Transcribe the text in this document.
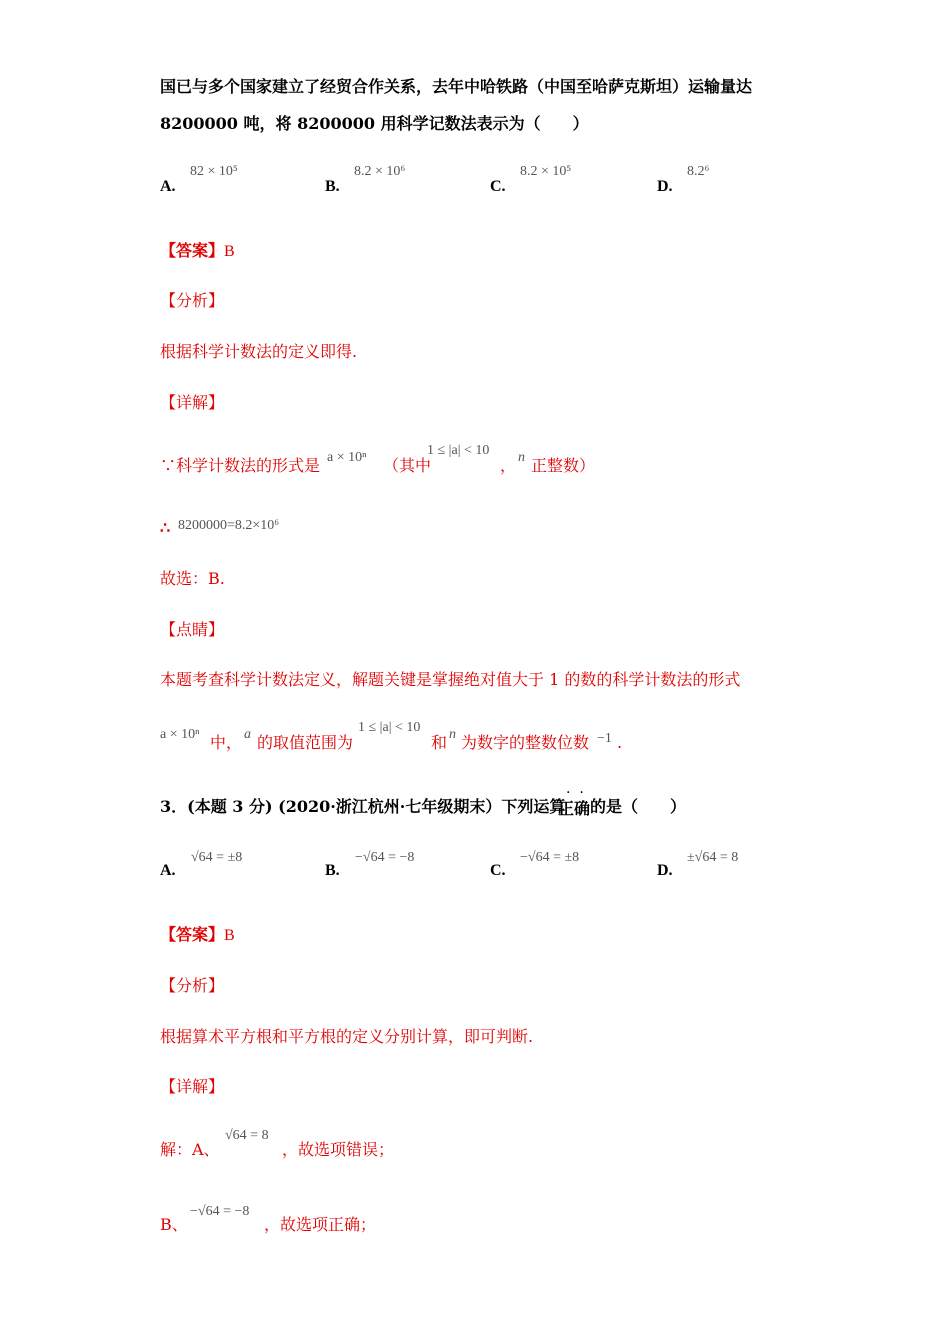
国已与多个国家建立了经贸合作关系，去年中哈铁路（中国至哈萨克斯坦）运输量达
8200000 吨，将 8200000 用科学记数法表示为（　　）
A.
82 × 10⁵
B.
8.2 × 10⁶
C.
8.2 × 10⁵
D.
8.2⁶
【答案】B
【分析】
根据科学计数法的定义即得.
【详解】
∵科学计数法的形式是 a × 10ⁿ （其中
1 ≤ |a| < 10
， n 正整数）
∴ 8200000=8.2×10⁶
故选：B.
【点睛】
本题考查科学计数法定义，解题关键是掌握绝对值大于 1 的数的科学计数法的形式
a × 10ⁿ 中， a 的取值范围为
1 ≤ |a| < 10
和 n 为数字的整数位数 −1 .
3．(本题 3 分) (2020·浙江杭州·七年级期末）下列运算
·  ·
正确 的是（　　）
A.
√64 = ±8
B.
−√64 = −8
C.
−√64 = ±8
D.
±√64 = 8
【答案】B
【分析】
根据算术平方根和平方根的定义分别计算，即可判断.
【详解】
解：A、
√64 = 8
，故选项错误；
B、
−√64 = −8
，故选项正确；
